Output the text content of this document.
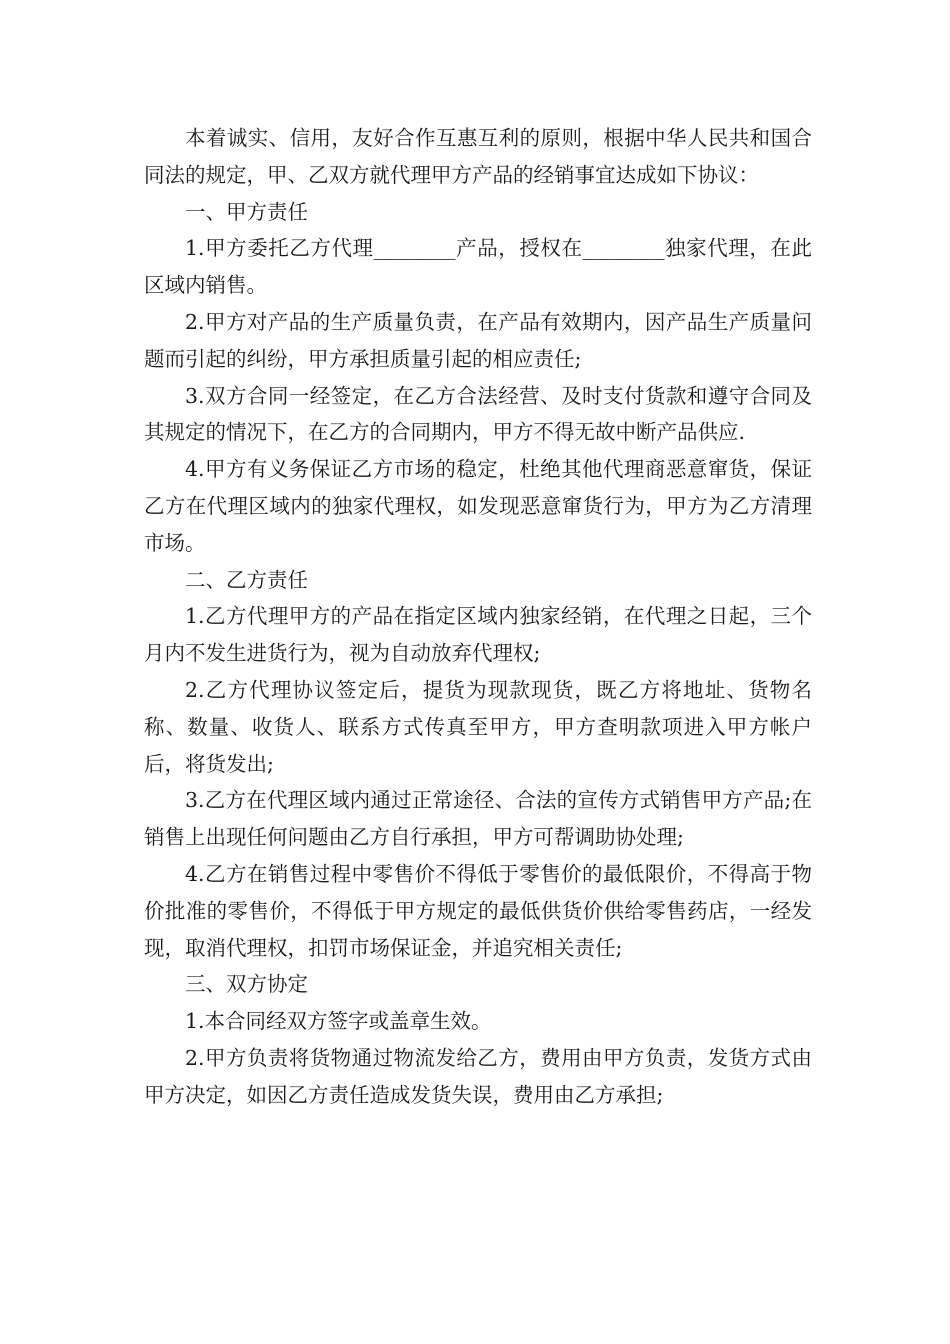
本着诚实、信用，友好合作互惠互利的原则，根据中华人民共和国合同法的规定，甲、乙双方就代理甲方产品的经销事宜达成如下协议：

一、甲方责任

1.甲方委托乙方代理________产品，授权在________独家代理，在此区域内销售。

2.甲方对产品的生产质量负责，在产品有效期内，因产品生产质量问题而引起的纠纷，甲方承担质量引起的相应责任;

3.双方合同一经签定，在乙方合法经营、及时支付货款和遵守合同及其规定的情况下，在乙方的合同期内，甲方不得无故中断产品供应.

4.甲方有义务保证乙方市场的稳定，杜绝其他代理商恶意窜货，保证乙方在代理区域内的独家代理权，如发现恶意窜货行为，甲方为乙方清理市场。

二、乙方责任

1.乙方代理甲方的产品在指定区域内独家经销，在代理之日起，三个月内不发生进货行为，视为自动放弃代理权;

2.乙方代理协议签定后，提货为现款现货，既乙方将地址、货物名称、数量、收货人、联系方式传真至甲方，甲方查明款项进入甲方帐户后，将货发出;

3.乙方在代理区域内通过正常途径、合法的宣传方式销售甲方产品;在销售上出现任何问题由乙方自行承担，甲方可帮调助协处理;

4.乙方在销售过程中零售价不得低于零售价的最低限价，不得高于物价批准的零售价，不得低于甲方规定的最低供货价供给零售药店，一经发现，取消代理权，扣罚市场保证金，并追究相关责任;

三、双方协定

1.本合同经双方签字或盖章生效。

2.甲方负责将货物通过物流发给乙方，费用由甲方负责，发货方式由甲方决定，如因乙方责任造成发货失误，费用由乙方承担;
